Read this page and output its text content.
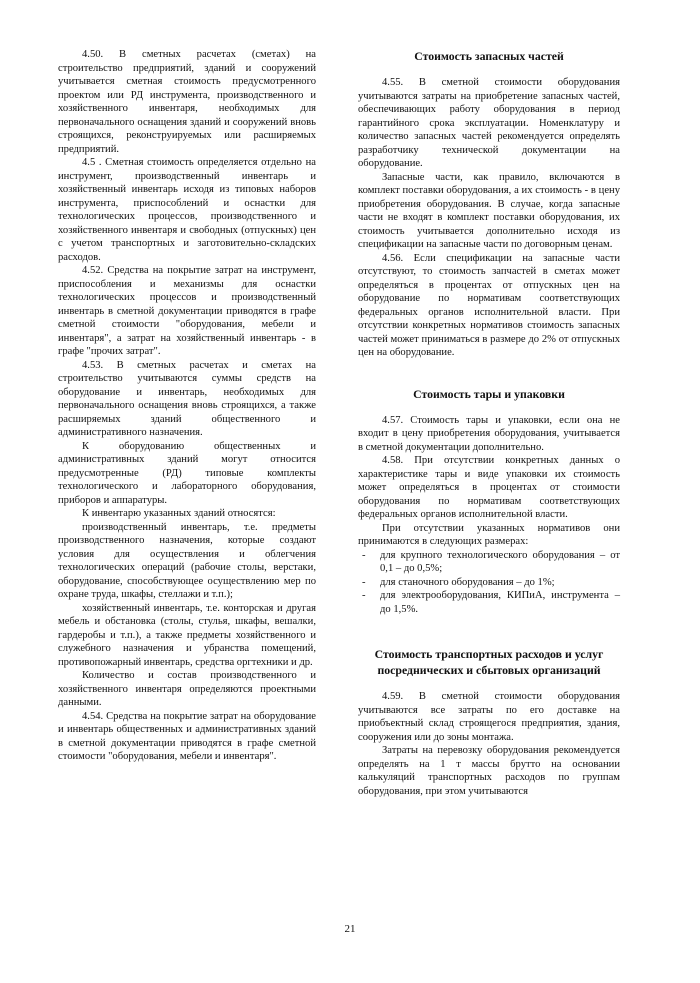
4.50. В сметных расчетах (сметах) на строительство предприятий, зданий и сооружений учитывается сметная стоимость предусмотренного проектом или РД инструмента, производственного и хозяйственного инвентаря, необходимых для первоначального оснащения зданий и сооружений вновь строящихся, реконструируемых или расширяемых предприятий.

4.5 . Сметная стоимость определяется отдельно на инструмент, производственный инвентарь и хозяйственный инвентарь исходя из типовых наборов инструмента, приспособлений и оснастки для технологических процессов, производственного и хозяйственного инвентаря и свободных (отпускных) цен с учетом транспортных и заготовительно-складских расходов.

4.52. Средства на покрытие затрат на инструмент, приспособления и механизмы для оснастки технологических процессов и производственный инвентарь в сметной документации приводятся в графе сметной стоимости "оборудования, мебели и инвентаря", а затрат на хозяйственный инвентарь - в графе "прочих затрат".

4.53. В сметных расчетах и сметах на строительство учитываются суммы средств на оборудование и инвентарь, необходимых для первоначального оснащения вновь строящихся, а также расширяемых зданий общественного и административного назначения.

К оборудованию общественных и административных зданий могут относится предусмотренные (РД) типовые комплекты технологического и лабораторного оборудования, приборов и аппаратуры.

К инвентарю указанных зданий относятся:

производственный инвентарь, т.е. предметы производственного назначения, которые создают условия для осуществления и облегчения технологических операций (рабочие столы, верстаки, оборудование, способствующее осуществлению мер по охране труда, шкафы, стеллажи и т.п.);

хозяйственный инвентарь, т.е. конторская и другая мебель и обстановка (столы, стулья, шкафы, вешалки, гардеробы и т.п.), а также предметы хозяйственного и служебного назначения и убранства помещений, противопожарный инвентарь, средства оргтехники и др.

Количество и состав производственного и хозяйственного инвентаря определяются проектными данными.

4.54. Средства на покрытие затрат на оборудование и инвентарь общественных и административных зданий в сметной документации приводятся в графе сметной стоимости "оборудования, мебели и инвентаря".

Стоимость запасных частей

4.55. В сметной стоимости оборудования учитываются затраты на приобретение запасных частей, обеспечивающих работу оборудования в период гарантийного срока эксплуатации. Номенклатуру и количество запасных частей рекомендуется определять разработчику технической документации на оборудование.

Запасные части, как правило, включаются в комплект поставки оборудования, а их стоимость - в цену приобретения оборудования. В случае, когда запасные части не входят в комплект поставки оборудования, их стоимость учитывается дополнительно исходя из спецификации на запасные части по договорным ценам.

4.56. Если спецификации на запасные части отсутствуют, то стоимость запчастей в сметах может определяться в процентах от отпускных цен на оборудование по нормативам соответствующих федеральных органов исполнительной власти. При отсутствии конкретных нормативов стоимость запасных частей может приниматься в размере до 2% от отпускных цен на оборудование.

Стоимость тары и упаковки

4.57. Стоимость тары и упаковки, если она не входит в цену приобретения оборудования, учитывается в сметной документации дополнительно.

4.58. При отсутствии конкретных данных о характеристике тары и виде упаковки их стоимость может определяться в процентах от стоимости оборудования по нормативам соответствующих федеральных органов исполнительной власти.

При отсутствии указанных нормативов они принимаются в следующих размерах:

- для крупного технологического оборудования – от 0,1 – до 0,5%;
- для станочного оборудования – до 1%;
- для электрооборудования, КИПиА, инструмента – до 1,5%.
Стоимость транспортных расходов и услуг посреднических и сбытовых организаций

4.59. В сметной стоимости оборудования учитываются все затраты по его доставке на приобъектный склад строящегося предприятия, здания, сооружения или до зоны монтажа.

Затраты на перевозку оборудования рекомендуется определять на 1 т массы брутто на основании калькуляций транспортных расходов по группам оборудования, при этом учитываются

21
